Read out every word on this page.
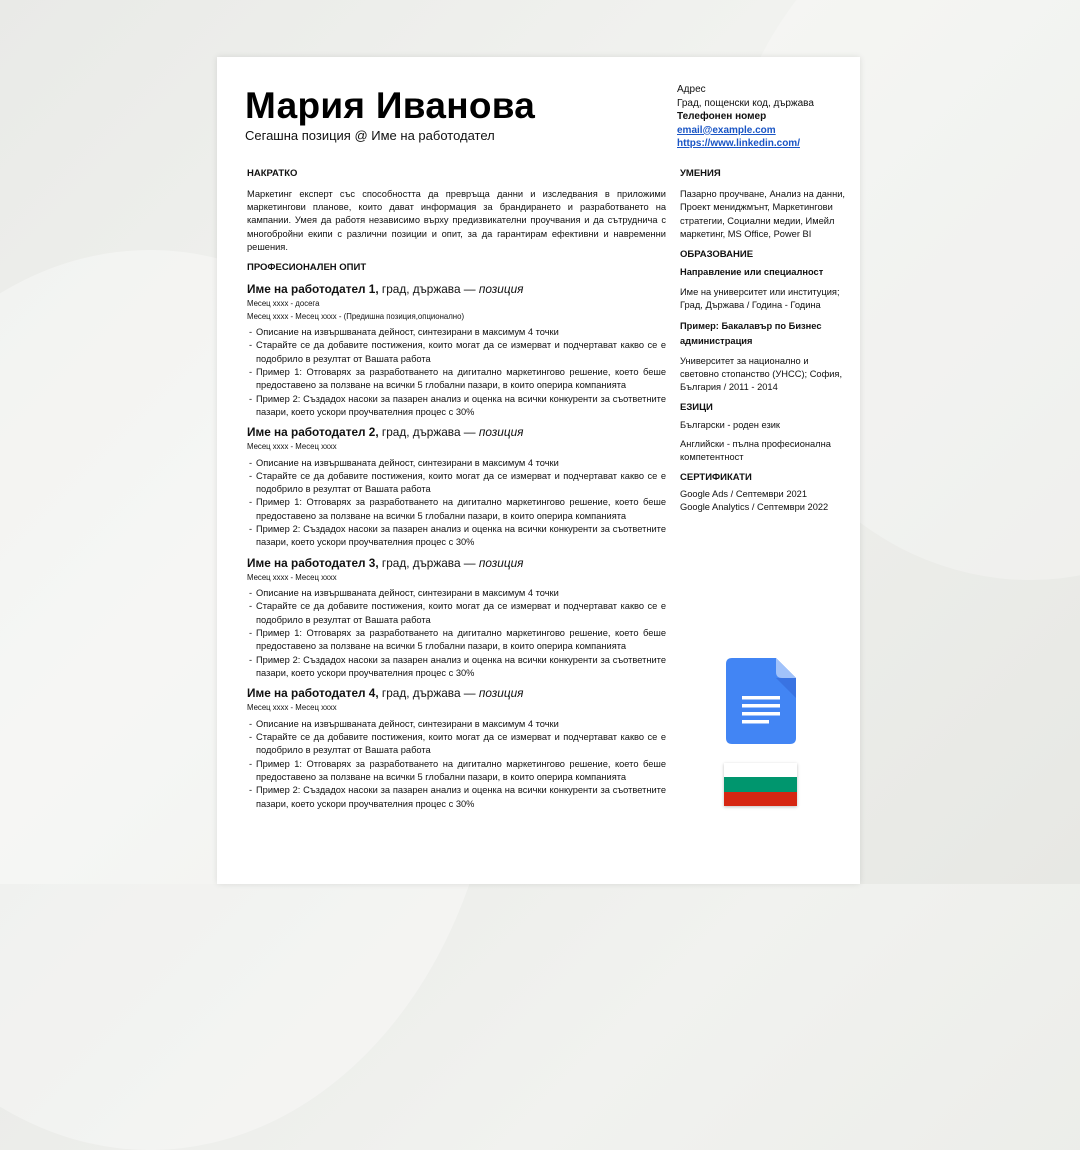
Мария Иванова
Сегашна позиция @ Име на работодател
Адрес
Град, пощенски код, държава
Телефонен номер
email@example.com
https://www.linkedin.com/
НАКРАТКО

Маркетинг експерт със способността да превръща данни и изследвания в приложими маркетингови планове, които дават информация за брандирането и разработването на кампании. Умея да работя независимо върху предизвикателни проучвания и да сътруднича с многобройни екипи с различни позиции и опит, за да гарантирам ефективни и навременни решения.

ПРОФЕСИОНАЛЕН ОПИТ
Име на работодател 1, град, държава — позиция
Месец хххх - досега
Месец хххх - Месец хххх - (Предишна позиция,опционално)
- Описание на извършваната дейност, синтезирани в максимум 4 точки
- Старайте се да добавите постижения, които могат да се измерват и подчертават какво се е подобрило в резултат от Вашата работа
- Пример 1: Отговарях за разработването на дигитално маркетингово решение, което беше предоставено за ползване на всички 5 глобални пазари, в които оперира компанията
- Пример 2: Създадох насоки за пазарен анализ и оценка на всички конкуренти за съответните пазари, което ускори проучвателния процес с 30%
Име на работодател 2, град, държава — позиция
Месец хххх - Месец хххх
- Описание на извършваната дейност, синтезирани в максимум 4 точки
- Старайте се да добавите постижения, които могат да се измерват и подчертават какво се е подобрило в резултат от Вашата работа
- Пример 1: Отговарях за разработването на дигитално маркетингово решение, което беше предоставено за ползване на всички 5 глобални пазари, в които оперира компанията
- Пример 2: Създадох насоки за пазарен анализ и оценка на всички конкуренти за съответните пазари, което ускори проучвателния процес с 30%
Име на работодател 3, град, държава — позиция
Месец хххх - Месец хххх
- Описание на извършваната дейност, синтезирани в максимум 4 точки
- Старайте се да добавите постижения, които могат да се измерват и подчертават какво се е подобрило в резултат от Вашата работа
- Пример 1: Отговарях за разработването на дигитално маркетингово решение, което беше предоставено за ползване на всички 5 глобални пазари, в които оперира компанията
- Пример 2: Създадох насоки за пазарен анализ и оценка на всички конкуренти за съответните пазари, което ускори проучвателния процес с 30%
Име на работодател 4, град, държава — позиция
Месец хххх - Месец хххх
- Описание на извършваната дейност, синтезирани в максимум 4 точки
- Старайте се да добавите постижения, които могат да се измерват и подчертават какво се е подобрило в резултат от Вашата работа
- Пример 1: Отговарях за разработването на дигитално маркетингово решение, което беше предоставено за ползване на всички 5 глобални пазари, в които оперира компанията
- Пример 2: Създадох насоки за пазарен анализ и оценка на всички конкуренти за съответните пазари, което ускори проучвателния процес с 30%
УМЕНИЯ

Пазарно проучване, Анализ на данни, Проект мениджмънт, Маркетингови стратегии, Социални медии, Имейл маркетинг, MS Office, Power BI

ОБРАЗОВАНИЕ

Направление или специалност

Име на университет или институция; Град, Държава / Година - Година

Пример: Бакалавър по Бизнес администрация

Университет за национално и световно стопанство (УНСС); София, България / 2011 - 2014

ЕЗИЦИ

Български - роден език

Английски - пълна професионална компетентност

СЕРТИФИКАТИ

Google Ads / Септември 2021

Google Analytics / Септември 2022
